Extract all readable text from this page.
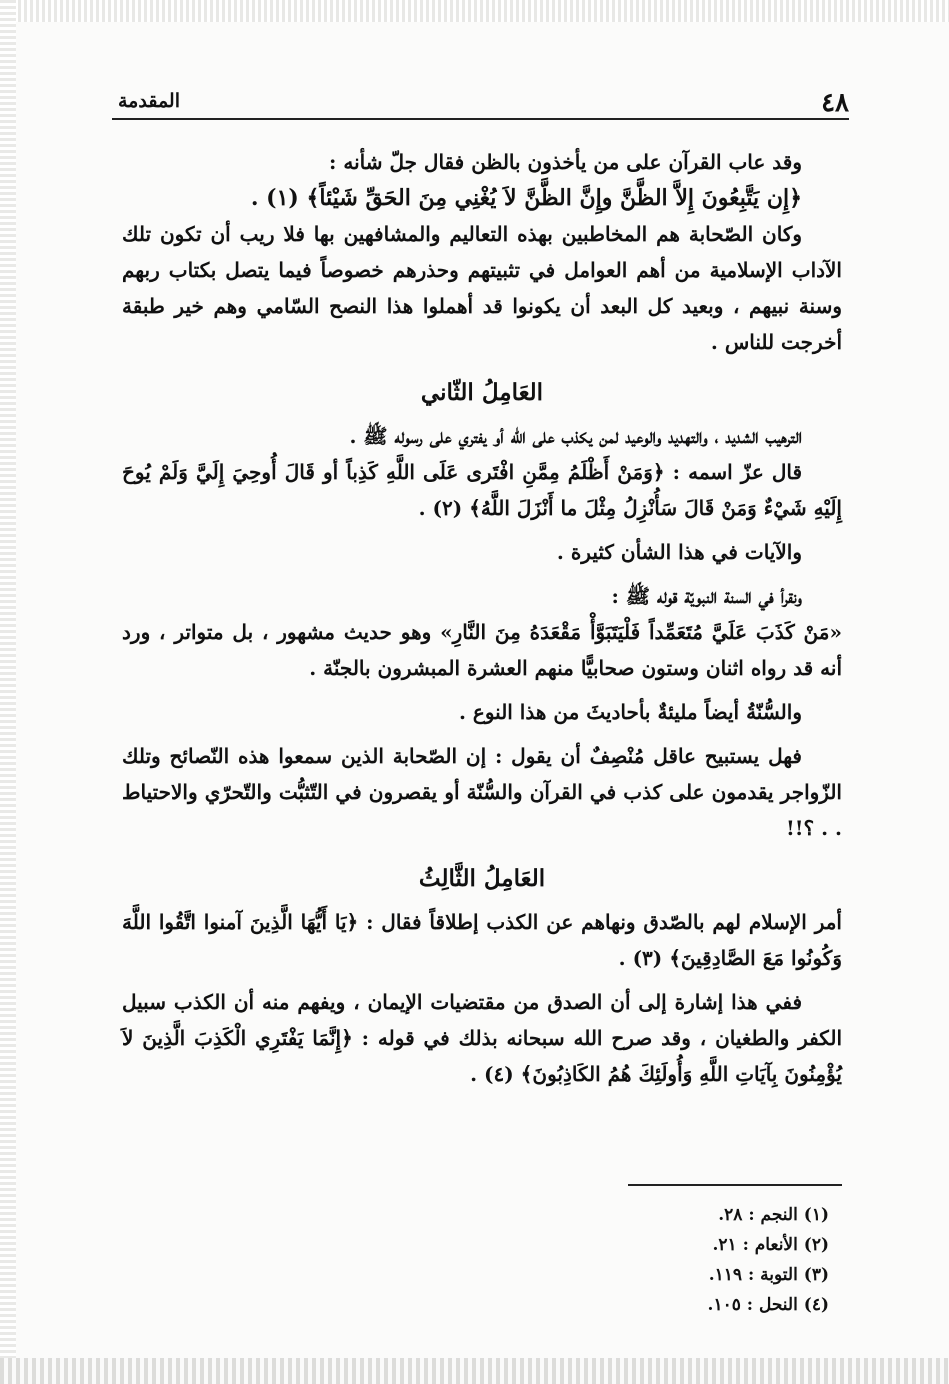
٤٨
المقدمة

وقد عاب القرآن على من يأخذون بالظن فقال جلّ شأنه :

﴿إِن يَتَّبِعُونَ إِلاَّ الظَّنَّ وإِنَّ الظَّنَّ لاَ يُغْنِي مِنَ الحَقِّ شَيْئاً﴾ (١) .

وكان الصّحابة هم المخاطبين بهذه التعاليم والمشافهين بها فلا ريب أن تكون تلك الآداب الإسلامية من أهم العوامل في تثبيتهم وحذرهم خصوصاً فيما يتصل بكتاب ربهم وسنة نبيهم ، وبعيد كل البعد أن يكونوا قد أهملوا هذا النصح السّامي وهم خير طبقة أخرجت للناس .

العَامِلُ الثّاني

الترهيب الشديد ، والتهديد والوعيد لمن يكذب على الله أو يفتري على رسوله ﷺ .

قال عزّ اسمه : ﴿وَمَنْ أَظْلَمُ مِمَّنِ افْتَرى عَلَى اللَّهِ كَذِباً أو قَالَ أُوحِيَ إِلَيَّ وَلَمْ يُوحَ إِلَيْهِ شَيْءٌ وَمَنْ قَالَ سَأُنْزِلُ مِثْلَ ما أَنْزَلَ اللَّهُ﴾ (٢) .

والآيات في هذا الشأن كثيرة .

ونقرأ في السنة النبويّة قوله ﷺ :

«مَنْ كَذَبَ عَلَيَّ مُتَعَمِّداً فَلْيَتَبَوَّأْ مَقْعَدَهُ مِنَ النَّارِ» وهو حديث مشهور ، بل متواتر ، ورد أنه قد رواه اثنان وستون صحابيًّا منهم العشرة المبشرون بالجنّة .

والسُّنّةُ أيضاً مليئةٌ بأحاديثَ من هذا النوع .

فهل يستبيح عاقل مُنْصِفٌ أن يقول : إن الصّحابة الذين سمعوا هذه النّصائح وتلك الزّواجر يقدمون على كذب في القرآن والسُّنّة أو يقصرون في التّثبُّت والتّحرّي والاحتياط . . ؟!!

العَامِلُ الثَّالِثُ

أمر الإسلام لهم بالصّدق ونهاهم عن الكذب إطلاقاً فقال : ﴿يَا أَيُّهَا الَّذِينَ آمنوا اتَّقُوا اللَّهَ وَكُونُوا مَعَ الصَّادِقِينَ﴾ (٣) .

ففي هذا إشارة إلى أن الصدق من مقتضيات الإيمان ، ويفهم منه أن الكذب سبيل الكفر والطغيان ، وقد صرح الله سبحانه بذلك في قوله : ﴿إِنَّمَا يَفْتَرِي الْكَذِبَ الَّذِينَ لاَ يُؤْمِنُونَ بِآيَاتِ اللَّهِ وَأُولَئِكَ هُمُ الكَاذِبُونَ﴾ (٤) .

(١) النجم : ٢٨.

(٢) الأنعام : ٢١.

(٣) التوبة : ١١٩.

(٤) النحل : ١٠٥.
